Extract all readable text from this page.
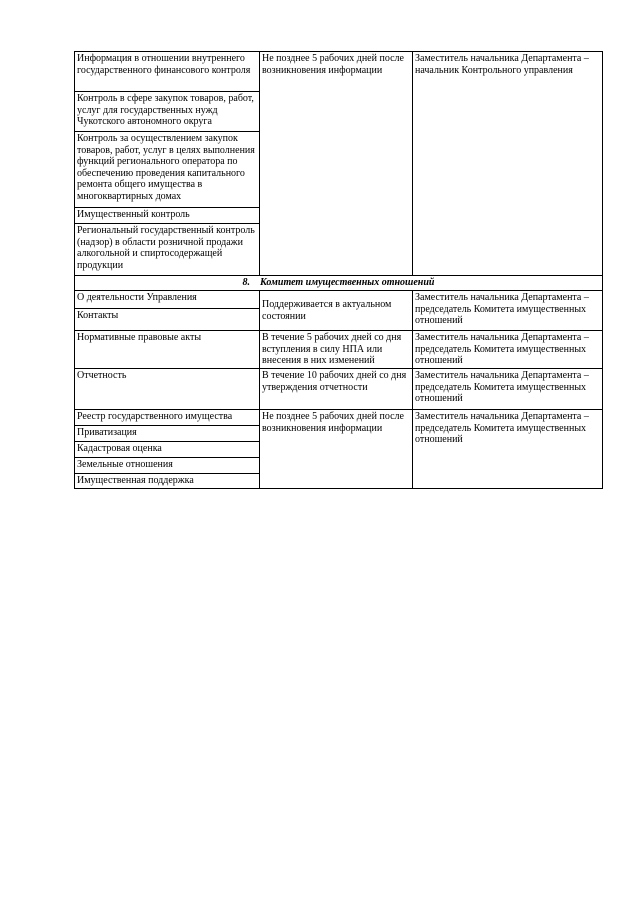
Информация в отношении внутреннего государственного финансового контроля	Не позднее 5 рабочих дней после возникновения информации	Заместитель начальника Департамента – начальник Контрольного управления
Контроль в сфере закупок товаров, работ, услуг для государственных нужд Чукотского автономного округа		
Контроль за осуществлением закупок товаров, работ, услуг в целях выполнения функций регионального оператора по обеспечению проведения капитального ремонта общего имущества в многоквартирных домах		
Имущественный контроль		
Региональный государственный контроль (надзор) в области розничной продажи алкогольной и спиртосодержащей продукции		
8. Комитет имущественных отношений		
О деятельности Управления	Поддерживается в актуальном состоянии	Заместитель начальника Департамента – председатель Комитета имущественных отношений
Контакты		
Нормативные правовые акты	В течение 5 рабочих дней со дня вступления в силу НПА или внесения в них изменений	Заместитель начальника Департамента – председатель Комитета имущественных отношений
Отчетность	В течение 10 рабочих дней со дня утверждения отчетности	Заместитель начальника Департамента – председатель Комитета имущественных отношений
Реестр государственного имущества	Не позднее 5 рабочих дней после возникновения информации	Заместитель начальника Департамента – председатель Комитета имущественных отношений
Приватизация		
Кадастровая оценка		
Земельные отношения		
Имущественная поддержка		
